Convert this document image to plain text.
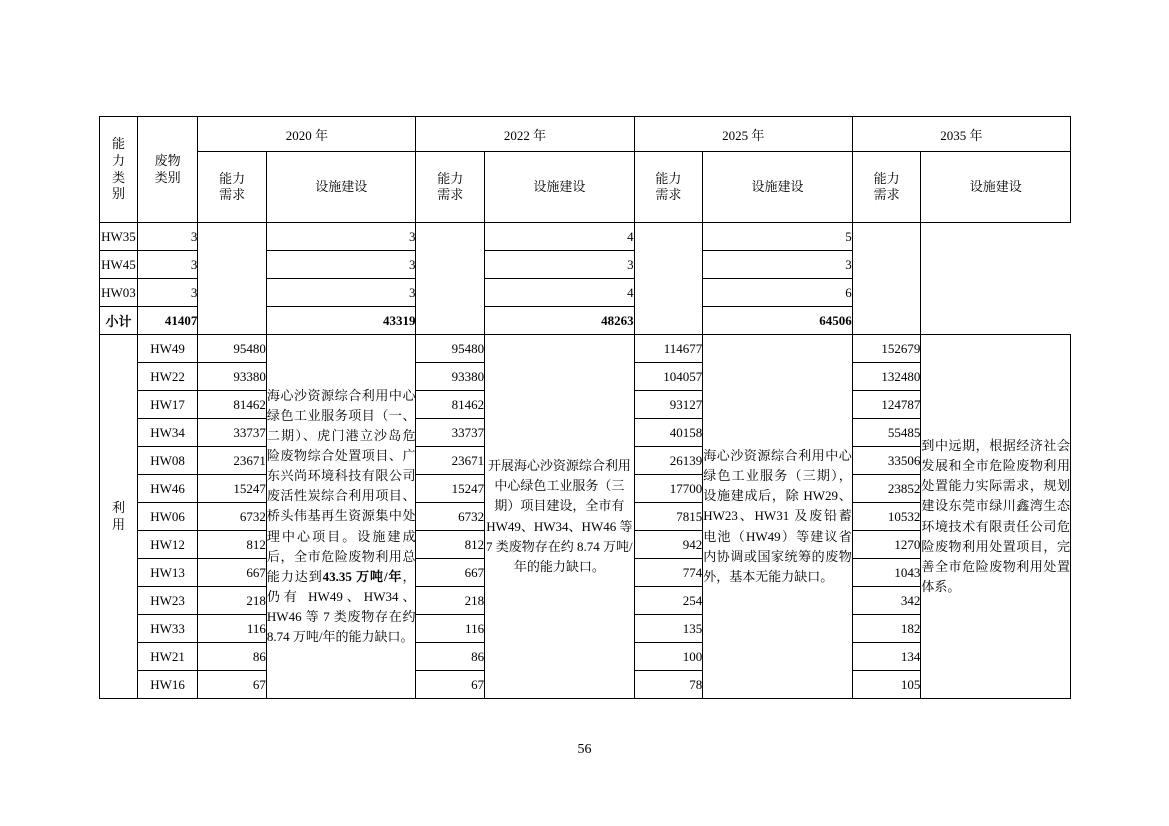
能
力
类
别

废物
类别
	2020 年	2022 年	2025 年	2035 年

能力
需求
	设施建设	
能力
需求
	设施建设	
能力
需求
	设施建设	
能力
需求
	设施建设
HW35	3		3		4		5		
HW45	3		3		3		3		
HW03	3		3		4		6		
小计	41407		43319		48263		64506		

利
用	HW49	95480	海心沙资源综合利用中心绿色工业服务项目（一、二期）、虎门港立沙岛危险废物综合处置项目、广东兴尚环境科技有限公司废活性炭综合利用项目、桥头伟基再生资源集中处理中心项目。设施建成后，全市危险废物利用总能力达到43.35 万吨/年，仍有 HW49、HW34、HW46 等 7 类废物存在约 8.74 万吨/年的能力缺口。	95480	开展海心沙资源综合利用中心绿色工业服务（三期）项目建设，全市有 HW49、HW34、HW46 等 7 类废物存在约 8.74 万吨/年的能力缺口。	114677	海心沙资源综合利用中心绿色工业服务（三期），设施建成后，除 HW29、HW23、HW31 及废铅蓄电池（HW49）等建议省内协调或国家统筹的废物外，基本无能力缺口。	152679	到中远期，根据经济社会发展和全市危险废物利用处置能力实际需求，规划建设东莞市绿川鑫湾生态环境技术有限责任公司危险废物利用处置项目，完善全市危险废物利用处置体系。
	HW22	93380		93380		104057		132480	
	HW17	81462		81462		93127		124787	
	HW34	33737		33737		40158		55485	
	HW08	23671		23671		26139		33506	
	HW46	15247		15247		17700		23852	
	HW06	6732		6732		7815		10532	
	HW12	812		812		942		1270	
	HW13	667		667		774		1043	
	HW23	218		218		254		342	
	HW33	116		116		135		182	
	HW21	86		86		100		134	
	HW16	67		67		78		105	
56
